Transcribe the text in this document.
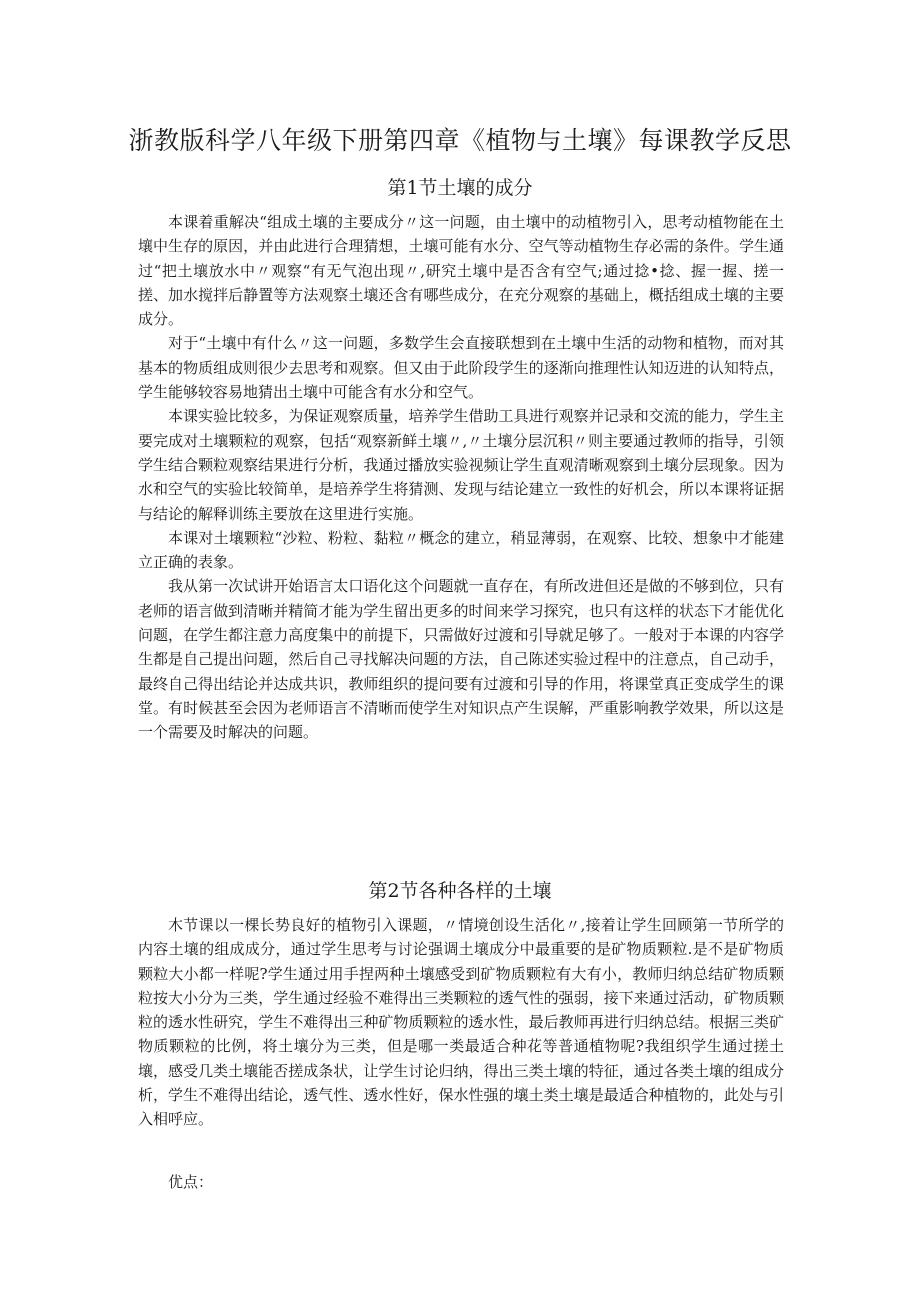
浙教版科学八年级下册第四章《植物与土壤》每课教学反思
第1节土壤的成分

本课着重解决“组成土壤的主要成分〃这一问题，由土壤中的动植物引入，思考动植物能在土壤中生存的原因，并由此进行合理猜想，土壤可能有水分、空气等动植物生存必需的条件。学生通过“把土壤放水中〃观察“有无气泡出现〃,研究土壤中是否含有空气;通过捻•捻、握一握、搓一搓、加水搅拌后静置等方法观察土壤还含有哪些成分，在充分观察的基础上，概括组成土壤的主要成分。

对于“土壤中有什么〃这一问题，多数学生会直接联想到在土壤中生活的动物和植物，而对其基本的物质组成则很少去思考和观察。但又由于此阶段学生的逐渐向推理性认知迈进的认知特点，学生能够较容易地猜出土壤中可能含有水分和空气。

本课实验比较多，为保证观察质量，培养学生借助工具进行观察并记录和交流的能力，学生主要完成对土壤颗粒的观察，包括“观察新鲜土壤〃,〃土壤分层沉积〃则主要通过教师的指导，引领学生结合颗粒观察结果进行分析，我通过播放实验视频让学生直观清晰观察到土壤分层现象。因为水和空气的实验比较简单，是培养学生将猜测、发现与结论建立一致性的好机会，所以本课将证据与结论的解释训练主要放在这里进行实施。

本课对土壤颗粒“沙粒、粉粒、黏粒〃概念的建立，稍显薄弱，在观察、比较、想象中才能建立正确的表象。

我从第一次试讲开始语言太口语化这个问题就一直存在，有所改进但还是做的不够到位，只有老师的语言做到清晰并精简才能为学生留出更多的时间来学习探究，也只有这样的状态下才能优化问题，在学生都注意力高度集中的前提下，只需做好过渡和引导就足够了。一般对于本课的内容学生都是自己提出问题，然后自己寻找解决问题的方法，自己陈述实验过程中的注意点，自己动手，最终自己得出结论并达成共识，教师组织的提问要有过渡和引导的作用，将课堂真正变成学生的课堂。有时候甚至会因为老师语言不清晰而使学生对知识点产生误解，严重影响教学效果，所以这是一个需要及时解决的问题。

第2节各种各样的土壤

木节课以一棵长势良好的植物引入课题，〃情境创设生活化〃,接着让学生回顾第一节所学的内容土壤的组成成分，通过学生思考与讨论强调土壤成分中最重要的是矿物质颗粒.是不是矿物质颗粒大小都一样呢?学生通过用手捏两种土壤感受到矿物质颗粒有大有小，教师归纳总结矿物质颗粒按大小分为三类，学生通过经验不难得出三类颗粒的透气性的强弱，接下来通过活动，矿物质颗粒的透水性研究，学生不难得出三种矿物质颗粒的透水性，最后教师再进行归纳总结。根据三类矿物质颗粒的比例，将土壤分为三类，但是哪一类最适合种花等普通植物呢?我组织学生通过搓土壤，感受几类土壤能否搓成条状，让学生讨论归纳，得出三类土壤的特征，通过各类土壤的组成分析，学生不难得出结论，透气性、透水性好，保水性强的壤土类土壤是最适合种植物的，此处与引入相呼应。

优点：
